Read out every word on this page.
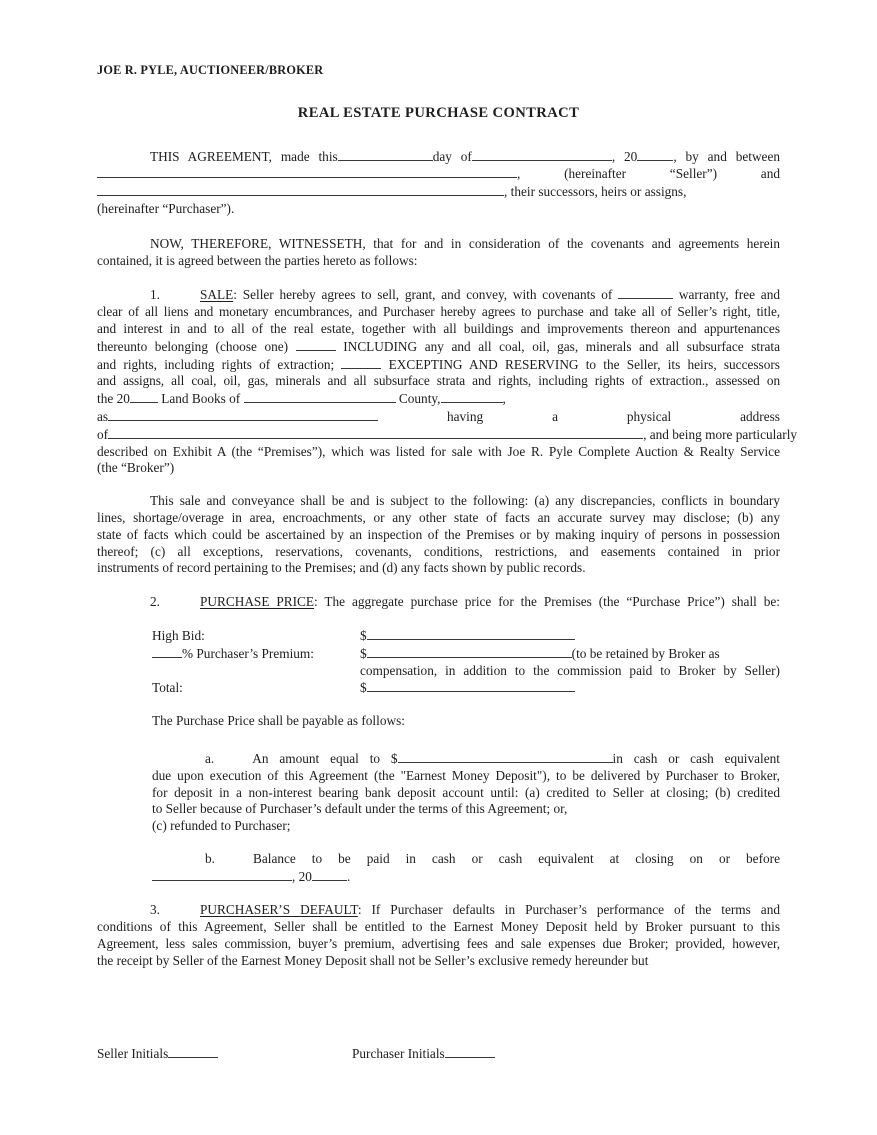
JOE R. PYLE, AUCTIONEER/BROKER
REAL ESTATE PURCHASE CONTRACT
THIS AGREEMENT, made this	day of	, 20	, by and between
, (hereinafter “Seller”) and
, their successors, heirs or assigns,
(hereinafter “Purchaser”).
NOW, THEREFORE, WITNESSETH, that for and in consideration of the covenants and agreements herein
contained, it is agreed between the parties hereto as follows:
1.	SALE: Seller hereby agrees to sell, grant, and convey, with covenants of	warranty, free and
clear of all liens and monetary encumbrances, and Purchaser hereby agrees to purchase and take all of Seller’s right, title,
and interest in and to all of the real estate, together with all buildings and improvements thereon and appurtenances
thereunto belonging (choose one)	INCLUDING any and all coal, oil, gas, minerals and all subsurface strata
and rights, including rights of extraction;	EXCEPTING AND RESERVING to the Seller, its heirs, successors
and assigns, all coal, oil, gas, minerals and all subsurface strata and rights, including rights of extraction., assessed on
the 20 Land Books of	County,	,
as	having a physical address
of	, and being more particularly
described on Exhibit A (the “Premises”), which was listed for sale with Joe R. Pyle Complete Auction & Realty Service
(the “Broker”)
This sale and conveyance shall be and is subject to the following: (a) any discrepancies, conflicts in boundary
lines, shortage/overage in area, encroachments, or any other state of facts an accurate survey may disclose; (b) any
state of facts which could be ascertained by an inspection of the Premises or by making inquiry of persons in possession
thereof; (c) all exceptions, reservations, covenants, conditions, restrictions, and easements contained in prior
instruments of record pertaining to the Premises; and (d) any facts shown by public records.
2.	PURCHASE PRICE: The aggregate purchase price for the Premises (the “Purchase Price”) shall be:
High Bid:	$
% Purchaser’s Premium:	$	(to be retained by Broker as
compensation, in addition to the commission paid to Broker by Seller)
Total:	$
The Purchase Price shall be payable as follows:
a.	An amount equal to $	in cash or cash equivalent
due upon execution of this Agreement (the "Earnest Money Deposit"), to be delivered by Purchaser to Broker,
for deposit in a non-interest bearing bank deposit account until: (a) credited to Seller at closing; (b) credited
to Seller because of Purchaser’s default under the terms of this Agreement; or,
(c) refunded to Purchaser;
b.	Balance to be paid in cash or cash equivalent at closing on or before
, 20	.
3.	PURCHASER’S DEFAULT: If Purchaser defaults in Purchaser’s performance of the terms and
conditions of this Agreement, Seller shall be entitled to the Earnest Money Deposit held by Broker pursuant to this
Agreement, less sales commission, buyer’s premium, advertising fees and sale expenses due Broker; provided, however,
the receipt by Seller of the Earnest Money Deposit shall not be Seller’s exclusive remedy hereunder but
Seller Initials	Purchaser Initials
